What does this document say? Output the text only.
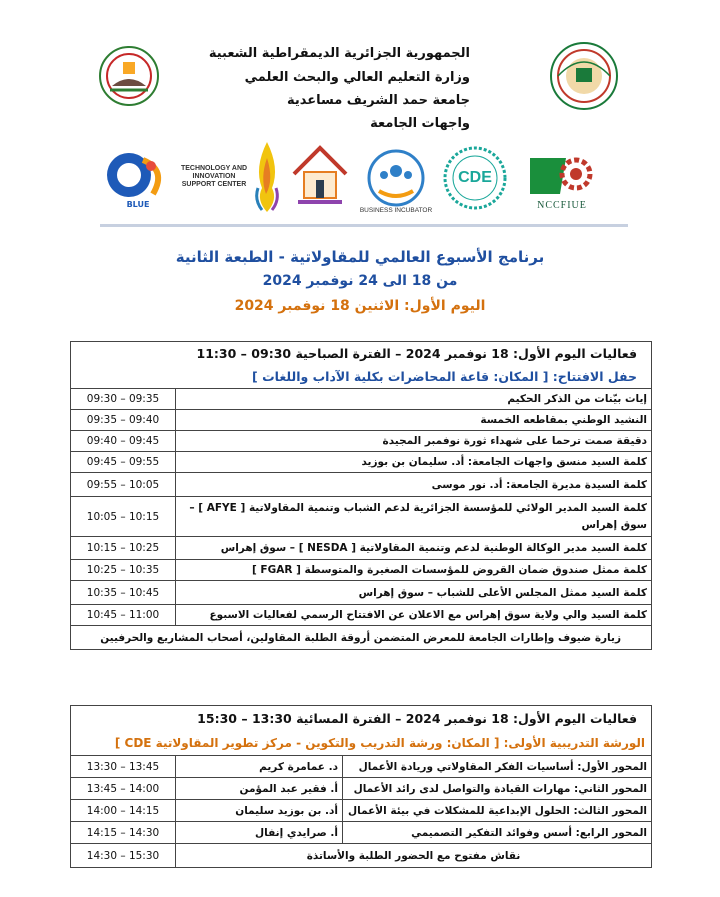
الجمهورية الجزائرية الديمقراطية الشعبية
وزارة التعليم العالي والبحث العلمي
جامعة حمد الشريف مساعدية
واجهات الجامعة
BLUE
TECHNOLOGY AND
INNOVATION
SUPPORT CENTER
BUSINESS INCUBATOR
CDE
NCCFIUE
برنامج الأسبوع العالمي للمقاولاتية - الطبعة الثانية
من 18 الى 24 نوفمبر 2024
اليوم الأول: الاثنين 18 نوفمبر 2024
فعاليات اليوم الأول: 18 نوفمبر 2024 – الفترة الصباحية 09:30 – 11:30	
حفل الافتتاح: [ المكان: قاعة المحاضرات بكلية الآداب واللغات ]	
إيات بيّنات من الذكر الحكيم	09:30 – 09:35
النشيد الوطني بمقاطعه الخمسة	09:35 – 09:40
دقيقة صمت ترحما على شهداء ثورة نوفمبر المجيدة	09:40 – 09:45
كلمة السيد منسق واجهات الجامعة: أد. سليمان بن بوزيد	09:45 – 09:55
كلمة السيدة مديرة الجامعة: أد. نور موسى	09:55 – 10:05
كلمة السيد المدير الولائي للمؤسسة الجزائرية لدعم الشباب وتنمية المقاولاتية [ AFYE ] – سوق إهراس	10:05 – 10:15
كلمة السيد مدير الوكالة الوطنية لدعم وتنمية المقاولاتية [ NESDA ] – سوق إهراس	10:15 – 10:25
كلمة ممثل صندوق ضمان القروض للمؤسسات الصغيرة والمتوسطة [ FGAR ]	10:25 – 10:35
كلمة السيد ممثل المجلس الأعلى للشباب – سوق إهراس	10:35 – 10:45
كلمة السيد والي ولاية سوق إهراس مع الاعلان عن الافتتاح الرسمي لفعاليات الاسبوع	10:45 – 11:00
زيارة ضيوف وإطارات الجامعة للمعرض المتضمن أروقة الطلبة المقاولين، أصحاب المشاريع والحرفيين	
فعاليات اليوم الأول: 18 نوفمبر 2024 – الفترة المسائية 13:30 – 15:30		
الورشة التدريبية الأولى: [ المكان: ورشة التدريب والتكوين - مركز تطوير المقاولاتية CDE ]		
المحور الأول: أساسيات الفكر المقاولاتي وريادة الأعمال	د. عمامرة كريم	13:30 – 13:45
المحور الثاني: مهارات القيادة والتواصل لدى رائد الأعمال	أ. فقير عبد المؤمن	13:45 – 14:00
المحور الثالث: الحلول الإبداعية للمشكلات في بيئة الأعمال	أد. بن بوزيد سليمان	14:00 – 14:15
المحور الرابع: أسس وفوائد التفكير التصميمي	أ. صرايدي إنفال	14:15 – 14:30
نقاش مفتوح مع الحضور الطلبة والأساتذة		14:30 – 15:30
